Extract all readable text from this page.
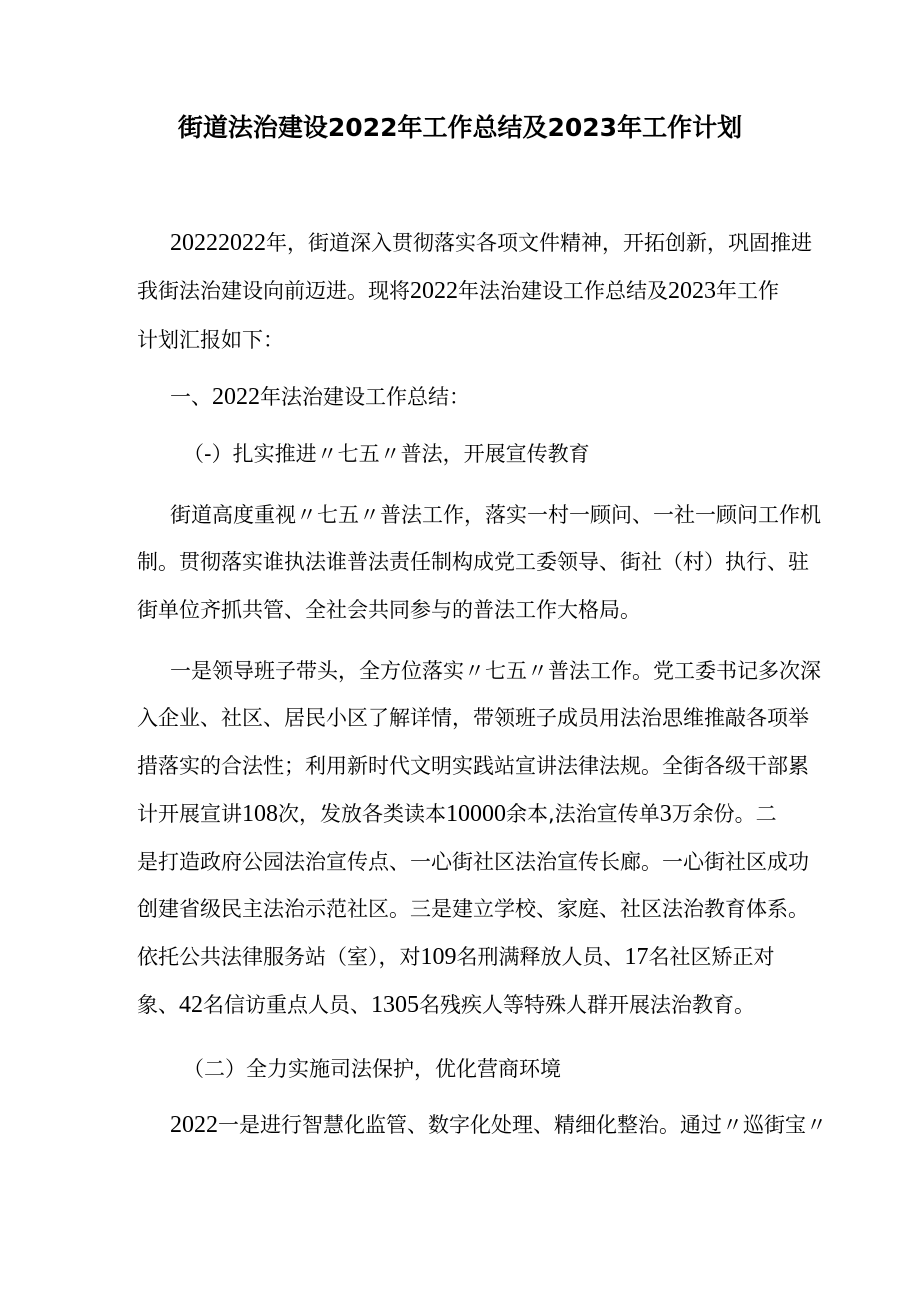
街道法治建设2022年工作总结及2023年工作计划
20222022年，街道深入贯彻落实各项文件精神，开拓创新，巩固推进
我街法治建设向前迈进。现将2022年法治建设工作总结及2023年工作
计划汇报如下：
一、2022年法治建设工作总结：
（-）扎实推进〃七五〃普法，开展宣传教育
街道高度重视〃七五〃普法工作，落实一村一顾问、一社一顾问工作机
制。贯彻落实谁执法谁普法责任制构成党工委领导、街社（村）执行、驻
街单位齐抓共管、全社会共同参与的普法工作大格局。
一是领导班子带头，全方位落实〃七五〃普法工作。党工委书记多次深
入企业、社区、居民小区了解详情，带领班子成员用法治思维推敲各项举
措落实的合法性；利用新时代文明实践站宣讲法律法规。全街各级干部累
计开展宣讲108次，发放各类读本10000余本,法治宣传单3万余份。二
是打造政府公园法治宣传点、一心街社区法治宣传长廊。一心街社区成功
创建省级民主法治示范社区。三是建立学校、家庭、社区法治教育体系。
依托公共法律服务站（室），对109名刑满释放人员、17名社区矫正对
象、42名信访重点人员、1305名残疾人等特殊人群开展法治教育。
（二）全力实施司法保护，优化营商环境
2022一是进行智慧化监管、数字化处理、精细化整治。通过〃巡街宝〃
